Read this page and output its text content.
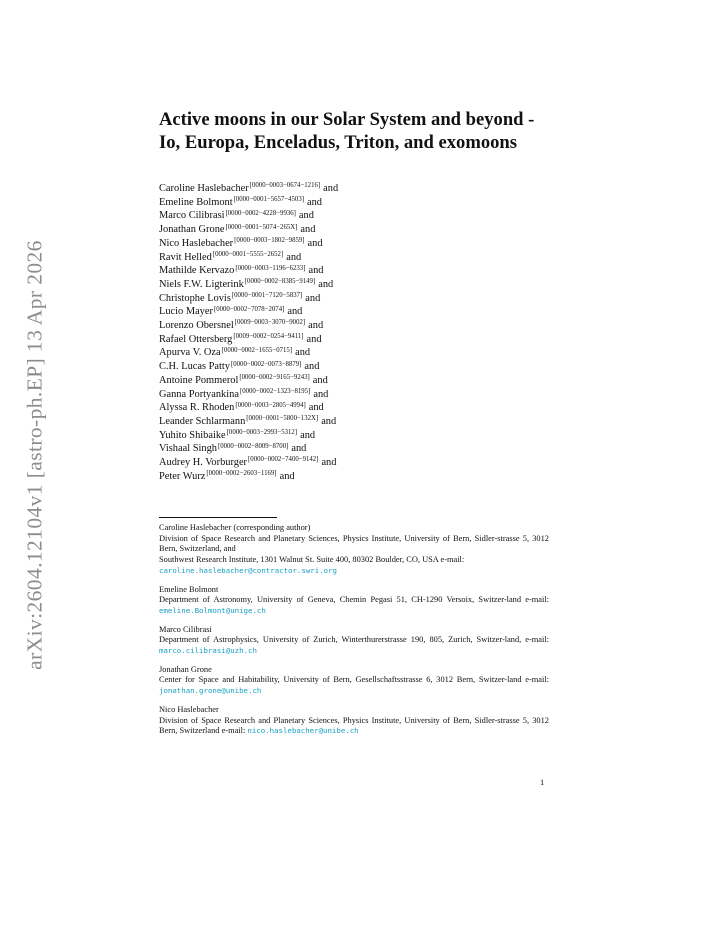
arXiv:2604.12104v1 [astro-ph.EP] 13 Apr 2026
Active moons in our Solar System and beyond -
Io, Europa, Enceladus, Triton, and exomoons
Caroline Haslebacher[0000−0003−0674−1216] and
Emeline Bolmont[0000−0001−5657−4503] and
Marco Cilibrasi[0000−0002−4228−9936] and
Jonathan Grone[0000−0001−5074−265X] and
Nico Haslebacher[0000−0003−1802−9859] and
Ravit Helled[0000−0001−5555−2652] and
Mathilde Kervazo[0000−0003−1196−6233] and
Niels F.W. Ligterink[0000−0002−8385−9149] and
Christophe Lovis[0000−0001−7120−5837] and
Lucio Mayer[0000−0002−7078−2074] and
Lorenzo Obersnel[0009−0003−3070−9002] and
Rafael Ottersberg[0009−0002−0254−9411] and
Apurva V. Oza[0000−0002−1655−0715] and
C.H. Lucas Patty[0000−0002−0073−8879] and
Antoine Pommerol[0000−0002−9165−9243] and
Ganna Portyankina[0000−0002−1323−8195] and
Alyssa R. Rhoden[0000−0003−2805−4994] and
Leander Schlarmann[0000−0001−5800−132X] and
Yuhito Shibaike[0000−0003−2993−5312] and
Vishaal Singh[0000−0002−8009−8700] and
Audrey H. Vorburger[0000−0002−7400−9142] and
Peter Wurz[0000−0002−2603−1169] and
Caroline Haslebacher (corresponding author)
Division of Space Research and Planetary Sciences, Physics Institute, University of Bern, Sidler-strasse 5, 3012 Bern, Switzerland, and
Southwest Research Institute, 1301 Walnut St. Suite 400, 80302 Boulder, CO, USA e-mail:
caroline.haslebacher@contractor.swri.org
Emeline Bolmont
Department of Astronomy, University of Geneva, Chemin Pegasi 51, CH-1290 Versoix, Switzer-land e-mail: emeline.Bolmont@unige.ch
Marco Cilibrasi
Department of Astrophysics, University of Zurich, Winterthurerstrasse 190, 805, Zurich, Switzer-land, e-mail: marco.cilibrasi@uzh.ch
Jonathan Grone
Center for Space and Habitability, University of Bern, Gesellschaftsstrasse 6, 3012 Bern, Switzer-land e-mail: jonathan.grone@unibe.ch
Nico Haslebacher
Division of Space Research and Planetary Sciences, Physics Institute, University of Bern, Sidler-strasse 5, 3012 Bern, Switzerland e-mail: nico.haslebacher@unibe.ch
1
